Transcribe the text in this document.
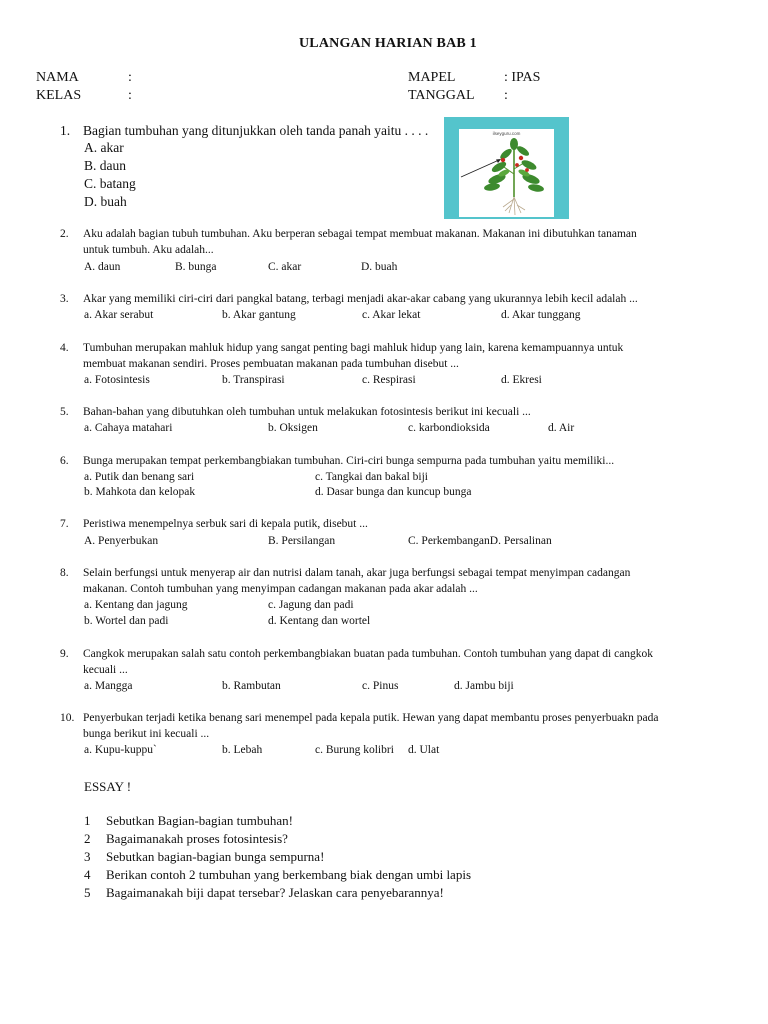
ULANGAN HARIAN BAB 1
NAMA	:
KELAS	:
MAPEL	: IPAS
TANGGAL :
1. Bagian tumbuhan yang ditunjukkan oleh tanda panah yaitu . . . .
A. akar
B. daun
C. batang
D. buah
ilseyguru.com
2. Aku adalah bagian tubuh tumbuhan. Aku berperan sebagai tempat membuat makanan. Makanan ini dibutuhkan tanaman
untuk tumbuh. Aku adalah...
A. daun	B. bunga	C. akar	D. buah
3. Akar yang memiliki ciri-ciri dari pangkal batang, terbagi menjadi akar-akar cabang yang ukurannya lebih kecil adalah ...
a. Akar serabut	b. Akar gantung	c. Akar lekat	d. Akar tunggang
4. Tumbuhan merupakan mahluk hidup yang sangat penting bagi mahluk hidup yang lain, karena kemampuannya untuk
membuat makanan sendiri. Proses pembuatan makanan pada tumbuhan disebut ...
a. Fotosintesis	b. Transpirasi	c. Respirasi	d. Ekresi
5. Bahan-bahan yang dibutuhkan oleh tumbuhan untuk melakukan fotosintesis berikut ini kecuali ...
a. Cahaya matahari	b. Oksigen	c. karbondioksida	d. Air
6. Bunga merupakan tempat perkembangbiakan tumbuhan. Ciri-ciri bunga sempurna pada tumbuhan yaitu memiliki...
a. Putik dan benang sari	c. Tangkai dan bakal biji
b. Mahkota dan kelopak	d. Dasar bunga dan kuncup bunga
7. Peristiwa menempelnya serbuk sari di kepala putik, disebut ...
A. Penyerbukan	B. Persilangan	C. PerkembanganD. Persalinan
8. Selain berfungsi untuk menyerap air dan nutrisi dalam tanah, akar juga berfungsi sebagai tempat menyimpan cadangan
makanan. Contoh tumbuhan yang menyimpan cadangan makanan pada akar adalah ...
a. Kentang dan jagung	c. Jagung dan padi
b. Wortel dan padi	d. Kentang dan wortel
9. Cangkok merupakan salah satu contoh perkembangbiakan buatan pada tumbuhan. Contoh tumbuhan yang dapat di cangkok
kecuali ...
a. Mangga	b. Rambutan	c. Pinus	d. Jambu biji
10. Penyerbukan terjadi ketika benang sari menempel pada kepala putik. Hewan yang dapat membantu proses penyerbuakn pada
bunga berikut ini kecuali ...
a. Kupu-kuppu`	b. Lebah	c. Burung kolibri d. Ulat
ESSAY !
1 Sebutkan Bagian-bagian tumbuhan!
2 Bagaimanakah proses fotosintesis?
3 Sebutkan bagian-bagian bunga sempurna!
4 Berikan contoh 2 tumbuhan yang berkembang biak dengan umbi lapis
5 Bagaimanakah biji dapat tersebar? Jelaskan cara penyebarannya!
